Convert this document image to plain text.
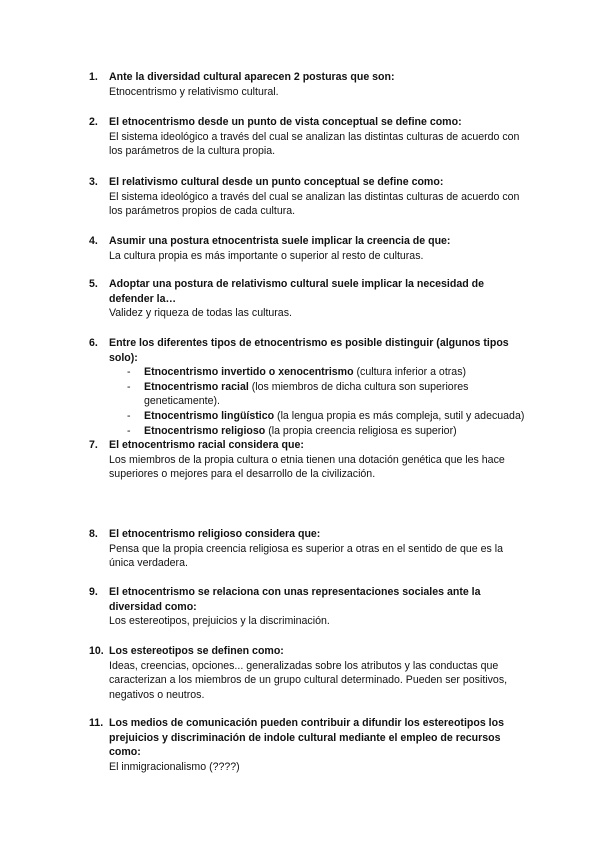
1.	Ante la diversidad cultural aparecen 2 posturas que son:
Etnocentrismo y relativismo cultural.
2.	El etnocentrismo desde un punto de vista conceptual se define como:
El sistema ideológico a través del cual se analizan las distintas culturas de acuerdo con los parámetros de la cultura propia.
3.	El relativismo cultural desde un punto conceptual se define como:
El sistema ideológico a través del cual se analizan las distintas culturas de acuerdo con los parámetros propios de cada cultura.
4.	Asumir una postura etnocentrista suele implicar la creencia de que:
La cultura propia es más importante o superior al resto de culturas.
5.	Adoptar una postura de relativismo cultural suele implicar la necesidad de defender la…
Validez y riqueza de todas las culturas.
6.	Entre los diferentes tipos de etnocentrismo es posible distinguir (algunos tipos solo):
- Etnocentrismo invertido o xenocentrismo (cultura inferior a otras)
- Etnocentrismo racial (los miembros de dicha cultura son superiores geneticamente).
- Etnocentrismo lingüístico (la lengua propia es más compleja, sutil y adecuada)
- Etnocentrismo religioso (la propia creencia religiosa es superior)
7.	El etnocentrismo racial considera que:
Los miembros de la propia cultura o etnia tienen una dotación genética que les hace superiores o mejores para el desarrollo de la civilización.
8.	El etnocentrismo religioso considera que:
Pensa que la propia creencia religiosa es superior a otras en el sentido de que es la única verdadera.
9.	El etnocentrismo se relaciona con unas representaciones sociales ante la diversidad como:
Los estereotipos, prejuicios y la discriminación.
10. Los estereotipos se definen como:
Ideas, creencias, opciones... generalizadas sobre los atributos y las conductas que caracterizan a los miembros de un grupo cultural determinado. Pueden ser positivos, negativos o neutros.
11. Los medios de comunicación pueden contribuir a difundir los estereotipos los prejuicios y discriminación de indole cultural mediante el empleo de recursos como:
El inmigracionalismo (????)
